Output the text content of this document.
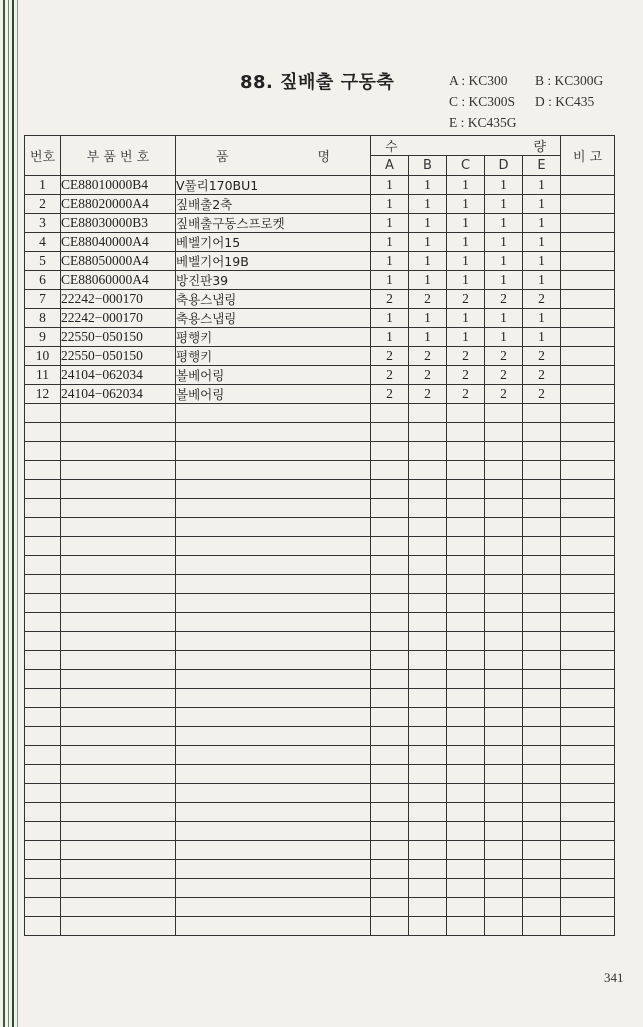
88. 짚배출 구동축	A : KC300 B : KC300G
C : KC300S D : KC435
E : KC435G
번호	부 품 번 호	품 명	수 량					비 고
			A	B	C	D	E	
1	CE88010000B4	V풀리170BU1	1	1	1	1	1	
2	CE88020000A4	짚배출2축	1	1	1	1	1	
3	CE88030000B3	짚배출구동스프로켓	1	1	1	1	1	
4	CE88040000A4	베벨기어15	1	1	1	1	1	
5	CE88050000A4	베벨기어19B	1	1	1	1	1	
6	CE88060000A4	방진판39	1	1	1	1	1	
7	22242−000170	축용스냅링	2	2	2	2	2	
8	22242−000170	축용스냅링	1	1	1	1	1	
9	22550−050150	평행키	1	1	1	1	1	
10	22550−050150	평행키	2	2	2	2	2	
11	24104−062034	볼베어링	2	2	2	2	2	
12	24104−062034	볼베어링	2	2	2	2	2	

341
